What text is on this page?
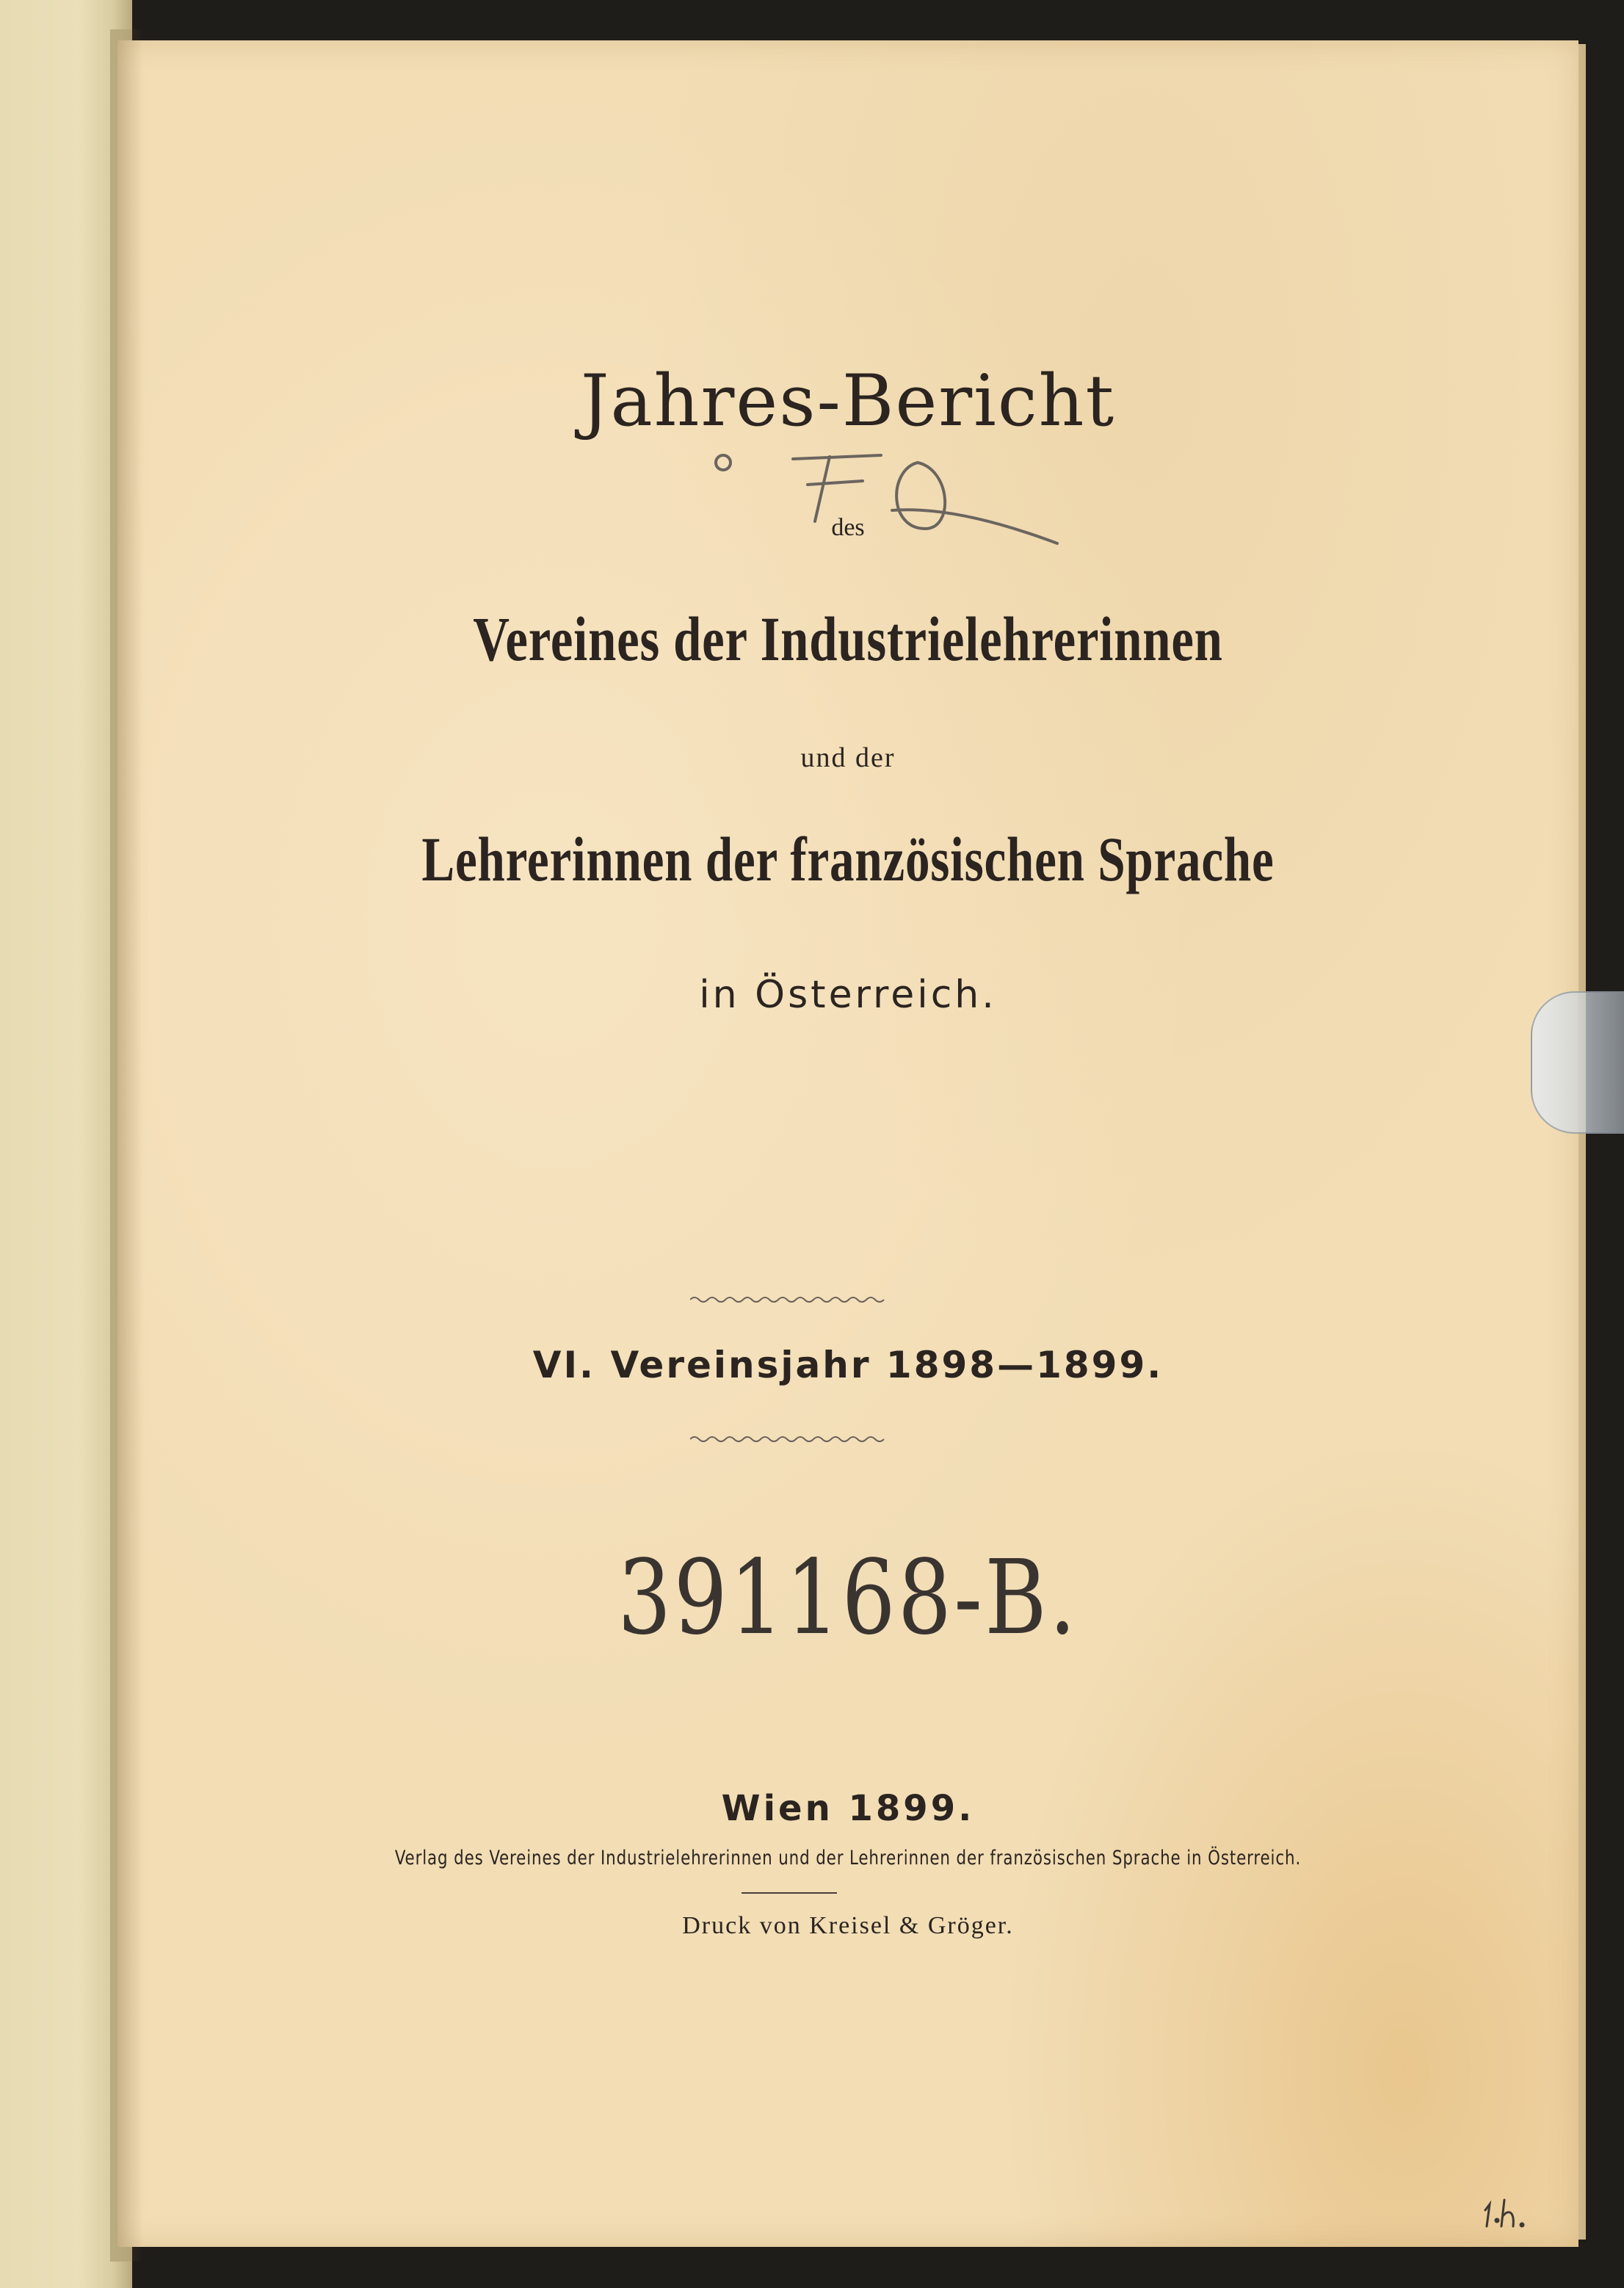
Jahres-Bericht
des
Vereines der Industrielehrerinnen
und der
Lehrerinnen der französischen Sprache
in Österreich.
VI. Vereinsjahr 1898—1899.
391168-B.
Wien 1899.
Verlag des Vereines der Industrielehrerinnen und der Lehrerinnen der französischen Sprache in Österreich.
Druck von Kreisel & Gröger.
